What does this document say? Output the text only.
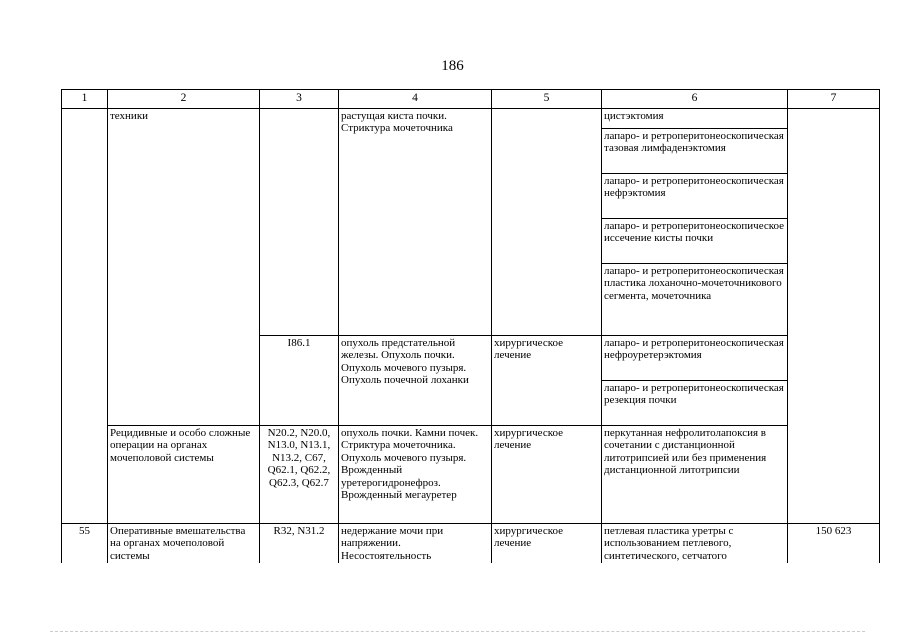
186
1	2	3	4	5	6	7
	техники		растущая киста почки. Стриктура мочеточника		цистэктомия	
					лапаро- и ретроперитонеоскопическая тазовая лимфаденэктомия	
					лапаро- и ретроперитонеоскопическая нефрэктомия	
					лапаро- и ретроперитонеоскопическое иссечение кисты почки	
					лапаро- и ретроперитонеоскопическая пластика лоханочно-мочеточникового сегмента, мочеточника	
		I86.1	опухоль предстательной железы. Опухоль почки. Опухоль мочевого пузыря. Опухоль почечной лоханки	хирургическое лечение	лапаро- и ретроперитонеоскопическая нефроуретерэктомия	
					лапаро- и ретроперитонеоскопическая резекция почки	
	Рецидивные и особо сложные операции на органах мочеполовой системы	N20.2, N20.0, N13.0, N13.1, N13.2, C67, Q62.1, Q62.2, Q62.3, Q62.7	опухоль почки. Камни почек. Стриктура мочеточника. Опухоль мочевого пузыря. Врожденный уретерогидронефроз. Врожденный мегауретер	хирургическое лечение	перкутанная нефролитолапоксия в сочетании с дистанционной литотрипсией или без применения дистанционной литотрипсии	
55	Оперативные вмешательства на органах мочеполовой системы	R32, N31.2	недержание мочи при напряжении. Несостоятельность	хирургическое лечение	петлевая пластика уретры с использованием петлевого, синтетического, сетчатого	150 623
